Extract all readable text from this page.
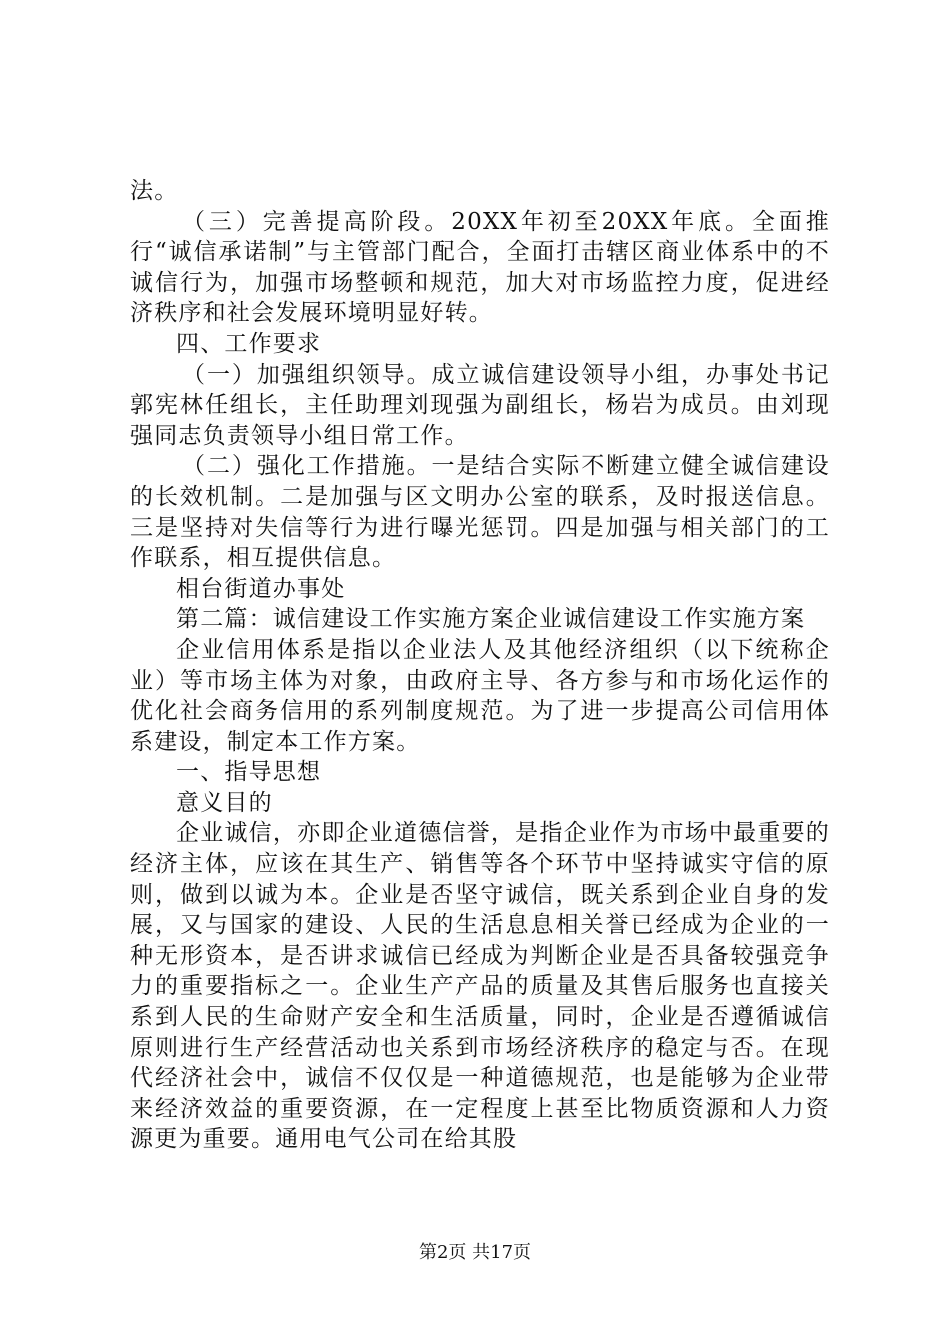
法。

（三）完善提高阶段。20XX年初至20XX年底。全面推行“诚信承诺制”与主管部门配合，全面打击辖区商业体系中的不诚信行为，加强市场整顿和规范，加大对市场监控力度，促进经济秩序和社会发展环境明显好转。

四、工作要求

（一）加强组织领导。成立诚信建设领导小组，办事处书记郭宪林任组长，主任助理刘现强为副组长，杨岩为成员。由刘现强同志负责领导小组日常工作。

（二）强化工作措施。一是结合实际不断建立健全诚信建设的长效机制。二是加强与区文明办公室的联系，及时报送信息。三是坚持对失信等行为进行曝光惩罚。四是加强与相关部门的工作联系，相互提供信息。

相台街道办事处

第二篇：诚信建设工作实施方案企业诚信建设工作实施方案

企业信用体系是指以企业法人及其他经济组织（以下统称企业）等市场主体为对象，由政府主导、各方参与和市场化运作的优化社会商务信用的系列制度规范。为了进一步提高公司信用体系建设，制定本工作方案。

一、指导思想

意义目的

企业诚信，亦即企业道德信誉，是指企业作为市场中最重要的经济主体，应该在其生产、销售等各个环节中坚持诚实守信的原则，做到以诚为本。企业是否坚守诚信，既关系到企业自身的发展，又与国家的建设、人民的生活息息相关誉已经成为企业的一种无形资本，是否讲求诚信已经成为判断企业是否具备较强竞争力的重要指标之一。企业生产产品的质量及其售后服务也直接关系到人民的生命财产安全和生活质量，同时，企业是否遵循诚信原则进行生产经营活动也关系到市场经济秩序的稳定与否。在现代经济社会中，诚信不仅仅是一种道德规范，也是能够为企业带来经济效益的重要资源，在一定程度上甚至比物质资源和人力资源更为重要。通用电气公司在给其股

第2页 共17页
